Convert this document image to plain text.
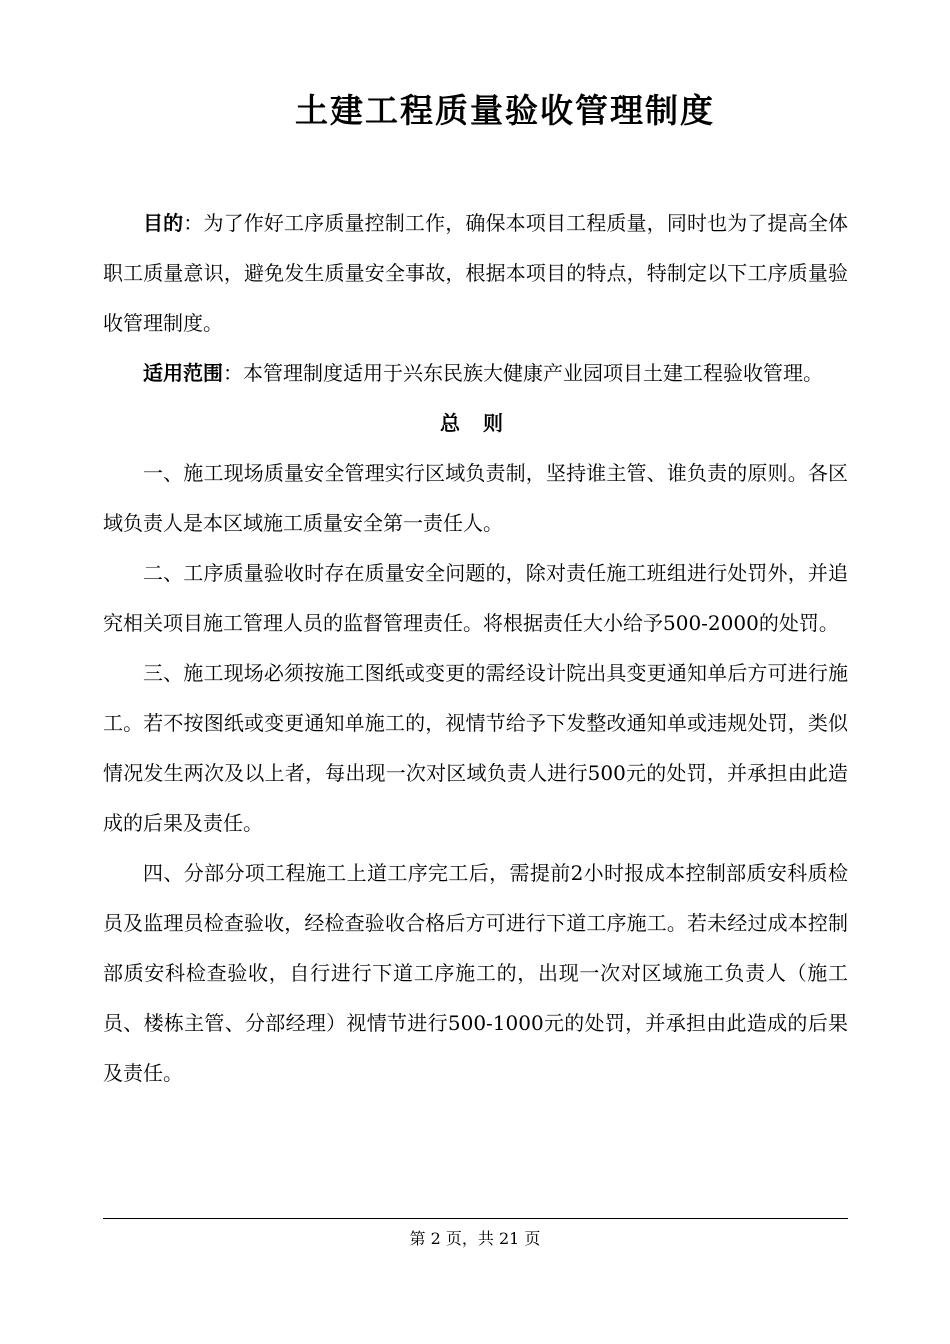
土建工程质量验收管理制度

目的：为了作好工序质量控制工作，确保本项目工程质量，同时也为了提高全体职工质量意识，避免发生质量安全事故，根据本项目的特点，特制定以下工序质量验收管理制度。

适用范围：本管理制度适用于兴东民族大健康产业园项目土建工程验收管理。

总 则

一、施工现场质量安全管理实行区域负责制，坚持谁主管、谁负责的原则。各区域负责人是本区域施工质量安全第一责任人。

二、工序质量验收时存在质量安全问题的，除对责任施工班组进行处罚外，并追究相关项目施工管理人员的监督管理责任。将根据责任大小给予500-2000的处罚。

三、施工现场必须按施工图纸或变更的需经设计院出具变更通知单后方可进行施工。若不按图纸或变更通知单施工的，视情节给予下发整改通知单或违规处罚，类似情况发生两次及以上者，每出现一次对区域负责人进行500元的处罚，并承担由此造成的后果及责任。

四、分部分项工程施工上道工序完工后，需提前2小时报成本控制部质安科质检员及监理员检查验收，经检查验收合格后方可进行下道工序施工。若未经过成本控制部质安科检查验收，自行进行下道工序施工的，出现一次对区域施工负责人（施工员、楼栋主管、分部经理）视情节进行500-1000元的处罚，并承担由此造成的后果及责任。

第 2 页，共 21 页
